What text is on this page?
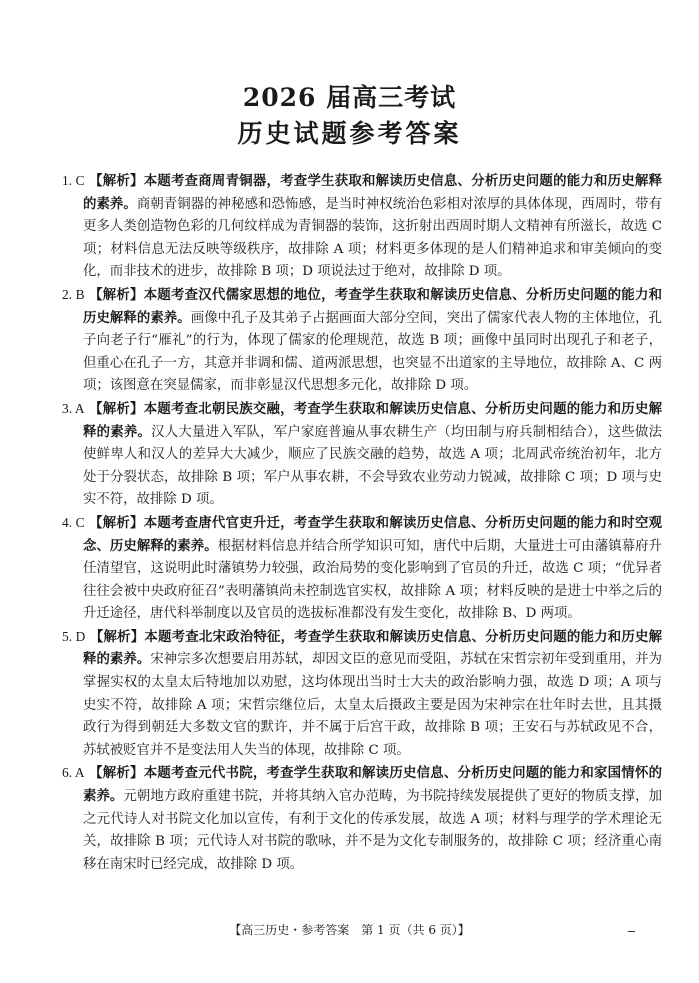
2026 届高三考试
历史试题参考答案

1. C 【解析】本题考查商周青铜器，考查学生获取和解读历史信息、分析历史问题的能力和历史解释的素养。商朝青铜器的神秘感和恐怖感，是当时神权统治色彩相对浓厚的具体体现，西周时，带有更多人类创造物色彩的几何纹样成为青铜器的装饰，这折射出西周时期人文精神有所滋长，故选 C 项；材料信息无法反映等级秩序，故排除 A 项；材料更多体现的是人们精神追求和审美倾向的变化，而非技术的进步，故排除 B 项；D 项说法过于绝对，故排除 D 项。

2. B 【解析】本题考查汉代儒家思想的地位，考查学生获取和解读历史信息、分析历史问题的能力和历史解释的素养。画像中孔子及其弟子占据画面大部分空间，突出了儒家代表人物的主体地位，孔子向老子行“雁礼”的行为，体现了儒家的伦理规范，故选 B 项；画像中虽同时出现孔子和老子，但重心在孔子一方，其意并非调和儒、道两派思想，也突显不出道家的主导地位，故排除 A、C 两项；该图意在突显儒家，而非彰显汉代思想多元化，故排除 D 项。

3. A 【解析】本题考查北朝民族交融，考查学生获取和解读历史信息、分析历史问题的能力和历史解释的素养。汉人大量进入军队，军户家庭普遍从事农耕生产（均田制与府兵制相结合），这些做法使鲜卑人和汉人的差异大大减少，顺应了民族交融的趋势，故选 A 项；北周武帝统治初年，北方处于分裂状态，故排除 B 项；军户从事农耕，不会导致农业劳动力锐减，故排除 C 项；D 项与史实不符，故排除 D 项。

4. C 【解析】本题考查唐代官吏升迁，考查学生获取和解读历史信息、分析历史问题的能力和时空观念、历史解释的素养。根据材料信息并结合所学知识可知，唐代中后期，大量进士可由藩镇幕府升任清望官，这说明此时藩镇势力较强，政治局势的变化影响到了官员的升迁，故选 C 项；“优异者往往会被中央政府征召”表明藩镇尚未控制选官实权，故排除 A 项；材料反映的是进士中举之后的升迁途径，唐代科举制度以及官员的选拔标准都没有发生变化，故排除 B、D 两项。

5. D 【解析】本题考查北宋政治特征，考查学生获取和解读历史信息、分析历史问题的能力和历史解释的素养。宋神宗多次想要启用苏轼，却因文臣的意见而受阻，苏轼在宋哲宗初年受到重用，并为掌握实权的太皇太后特地加以劝慰，这均体现出当时士大夫的政治影响力强，故选 D 项；A 项与史实不符，故排除 A 项；宋哲宗继位后，太皇太后摄政主要是因为宋神宗在壮年时去世，且其摄政行为得到朝廷大多数文官的默许，并不属于后宫干政，故排除 B 项；王安石与苏轼政见不合，苏轼被贬官并不是变法用人失当的体现，故排除 C 项。

6. A 【解析】本题考查元代书院，考查学生获取和解读历史信息、分析历史问题的能力和家国情怀的素养。元朝地方政府重建书院，并将其纳入官办范畴，为书院持续发展提供了更好的物质支撑，加之元代诗人对书院文化加以宣传，有利于文化的传承发展，故选 A 项；材料与理学的学术理论无关，故排除 B 项；元代诗人对书院的歌咏，并不是为文化专制服务的，故排除 C 项；经济重心南移在南宋时已经完成，故排除 D 项。

【高三历史・参考答案　第 1 页（共 6 页）】
